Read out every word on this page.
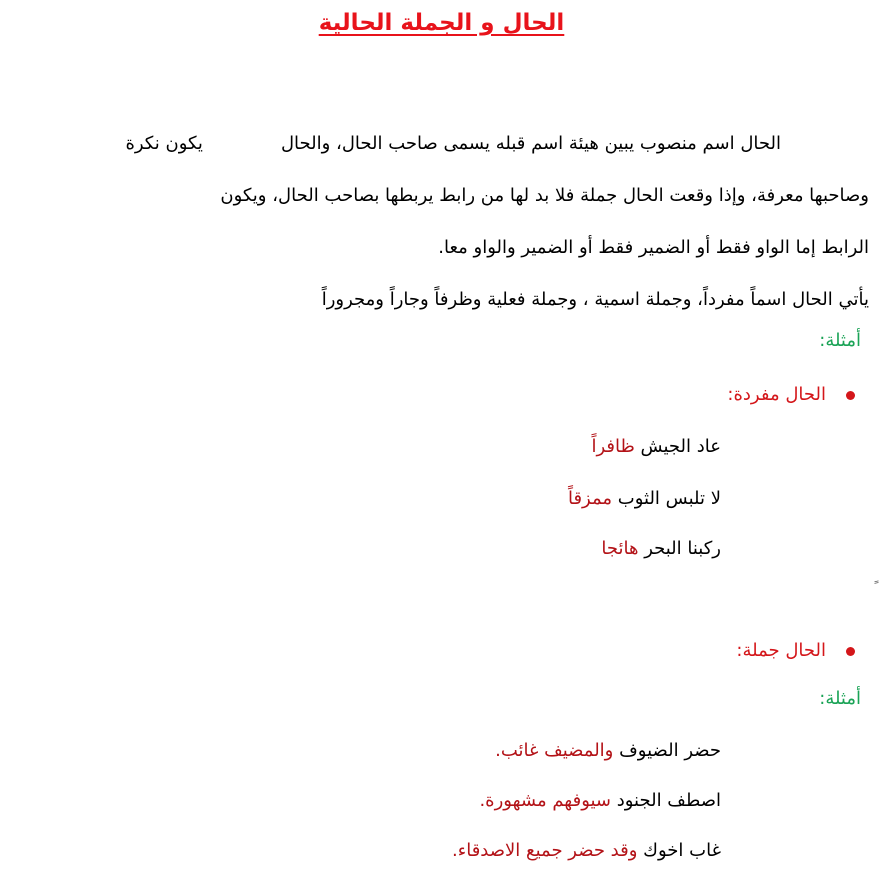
الحال و الجملة الحالية

الحال اسم منصوب يبين هيئة اسم قبله يسمى صاحب الحال، والحاليكون نكرة

وصاحبها معرفة، وإذا وقعت الحال جملة فلا بد لها من رابط يربطها بصاحب الحال، ويكون

الرابط إما الواو فقط أو الضمير فقط أو الضمير والواو معا.

يأتي الحال اسماً مفرداً، وجملة اسمية ، وجملة فعلية وظرفاً وجاراً ومجروراً

أمثلة:
الحال مفردة:
عاد الجيش ظافراً
لا تلبس الثوب ممزقاً
ركبنا البحر هائجا
الحال جملة:
أمثلة:
حضر الضيوف والمضيف غائب.
اصطف الجنود سيوفهم مشهورة.
غاب اخوك وقد حضر جميع الاصدقاء.
